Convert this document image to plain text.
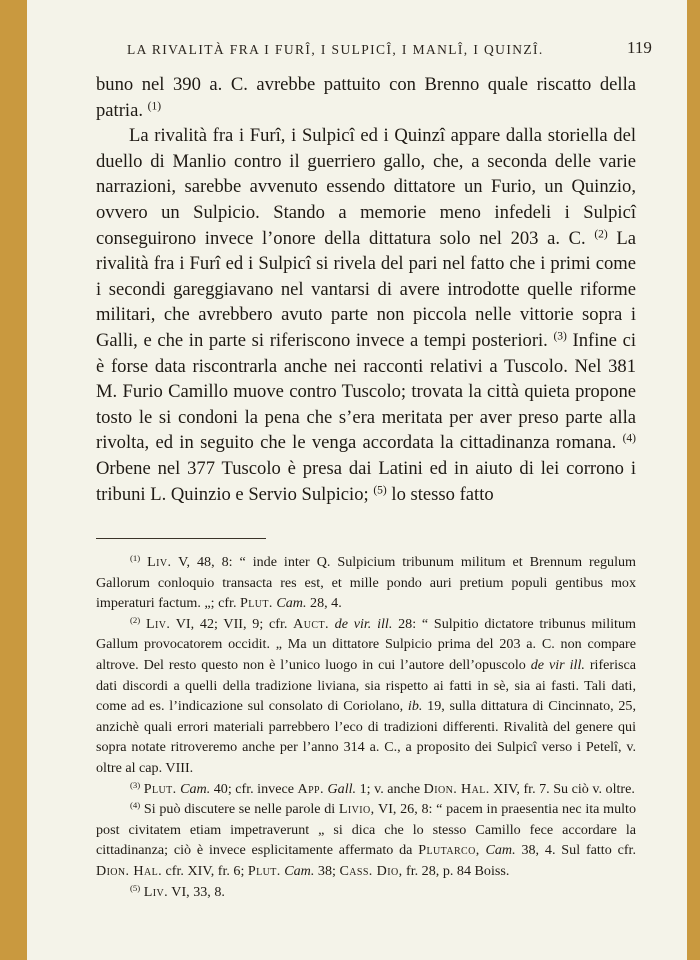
LA RIVALITÀ FRA I FURÎ, I SULPICÎ, I MANLÎ, I QUINZÎ.	119

buno nel 390 a. C. avrebbe pattuito con Brenno quale riscatto della patria. $^{(1)}$

La rivalità fra i Furî, i Sulpicî ed i Quinzî appare dalla storiella del duello di Manlio contro il guerriero gallo, che, a seconda delle varie narrazioni, sarebbe avvenuto essendo dittatore un Furio, un Quinzio, ovvero un Sulpicio. Stando a memorie meno infedeli i Sulpicî conseguirono invece l’onore della dittatura solo nel 203 a. C. $^{(2)}$ La rivalità fra i Furî ed i Sulpicî si rivela del pari nel fatto che i primi come i secondi gareggiavano nel vantarsi di avere introdotte quelle riforme militari, che avrebbero avuto parte non piccola nelle vittorie sopra i Galli, e che in parte si riferiscono invece a tempi posteriori. $^{(3)}$ Infine ci è forse data riscontrarla anche nei racconti relativi a Tuscolo. Nel 381 M. Furio Camillo muove contro Tuscolo; trovata la città quieta propone tosto le si condoni la pena che s’era meritata per aver preso parte alla rivolta, ed in seguito che le venga accordata la cittadinanza romana. $^{(4)}$ Orbene nel 377 Tuscolo è presa dai Latini ed in aiuto di lei corrono i tribuni L. Quinzio e Servio Sulpicio; $^{(5)}$ lo stesso fatto

$^{(1)}$ Liv. V, 48, 8: “ inde inter Q. Sulpicium tribunum militum et Brennum regulum Gallorum conloquio transacta res est, et mille pondo auri pretium populi gentibus mox imperaturi factum. „; cfr. Plut. Cam. 28, 4.

$^{(2)}$ Liv. VI, 42; VII, 9; cfr. Auct. de vir. ill. 28: “ Sulpitio dictatore tribunus militum Gallum provocatorem occidit. „ Ma un dittatore Sulpicio prima del 203 a. C. non compare altrove. Del resto questo non è l’unico luogo in cui l’autore dell’opuscolo de vir ill. riferisca dati discordi a quelli della tradizione liviana, sia rispetto ai fatti in sè, sia ai fasti. Tali dati, come ad es. l’indicazione sul consolato di Coriolano, ib. 19, sulla dittatura di Cincinnato, 25, anzichè quali errori materiali parrebbero l’eco di tradizioni differenti. Rivalità del genere qui sopra notate ritroveremo anche per l’anno 314 a. C., a proposito dei Sulpicî verso i Petelî, v. oltre al cap. VIII.

$^{(3)}$ Plut. Cam. 40; cfr. invece App. Gall. 1; v. anche Dion. Hal. XIV, fr. 7. Su ciò v. oltre.

$^{(4)}$ Si può discutere se nelle parole di Livio, VI, 26, 8: “ pacem in praesentia nec ita multo post civitatem etiam impetraverunt „ si dica che lo stesso Camillo fece accordare la cittadinanza; ciò è invece esplicitamente affermato da Plutarco, Cam. 38, 4. Sul fatto cfr. Dion. Hal. cfr. XIV, fr. 6; Plut. Cam. 38; Cass. Dio, fr. 28, p. 84 Boiss.

$^{(5)}$ Liv. VI, 33, 8.
